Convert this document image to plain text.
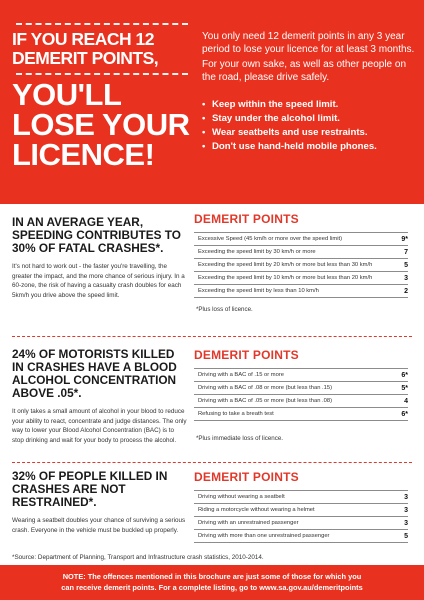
IF YOU REACH 12 DEMERIT POINTS,
YOU'LL LOSE YOUR LICENCE!

You only need 12 demerit points in any 3 year period to lose your licence for at least 3 months.

For your own sake, as well as other people on the road, please drive safely.

• Keep within the speed limit.
• Stay under the alcohol limit.
• Wear seatbelts and use restraints.
• Don't use hand-held mobile phones.
IN AN AVERAGE YEAR, SPEEDING CONTRIBUTES TO 30% OF FATAL CRASHES*.
It's not hard to work out - the faster you're travelling, the greater the impact, and the more chance of serious injury. In a 60-zone, the risk of having a casualty crash doubles for each 5km/h you drive above the speed limit.
DEMERIT POINTS
Excessive Speed (45 km/h or more over the speed limit)	9*
Exceeding the speed limit by 30 km/h or more	7
Exceeding the speed limit by 20 km/h or more but less than 30 km/h	5
Exceeding the speed limit by 10 km/h or more but less than 20 km/h	3
Exceeding the speed limit by less than 10 km/h	2
*Plus loss of licence.
24% OF MOTORISTS KILLED IN CRASHES HAVE A BLOOD ALCOHOL CONCENTRATION ABOVE .05*.
It only takes a small amount of alcohol in your blood to reduce your ability to react, concentrate and judge distances. The only way to lower your Blood Alcohol Concentration (BAC) is to stop drinking and wait for your body to process the alcohol.
DEMERIT POINTS
Driving with a BAC of .15 or more	6*
Driving with a BAC of .08 or more (but less than .15)	5*
Driving with a BAC of .05 or more (but less than .08)	4
Refusing to take a breath test	6*
*Plus immediate loss of licence.
32% OF PEOPLE KILLED IN CRASHES ARE NOT RESTRAINED*.
Wearing a seatbelt doubles your chance of surviving a serious crash. Everyone in the vehicle must be buckled up properly.
DEMERIT POINTS
Driving without wearing a seatbelt	3
Riding a motorcycle without wearing a helmet	3
Driving with an unrestrained passenger	3
Driving with more than one unrestrained passenger	5
*Source: Department of Planning, Transport and Infrastructure crash statistics, 2010-2014.
NOTE: The offences mentioned in this brochure are just some of those for which you
can receive demerit points. For a complete listing, go to www.sa.gov.au/demeritpoints
